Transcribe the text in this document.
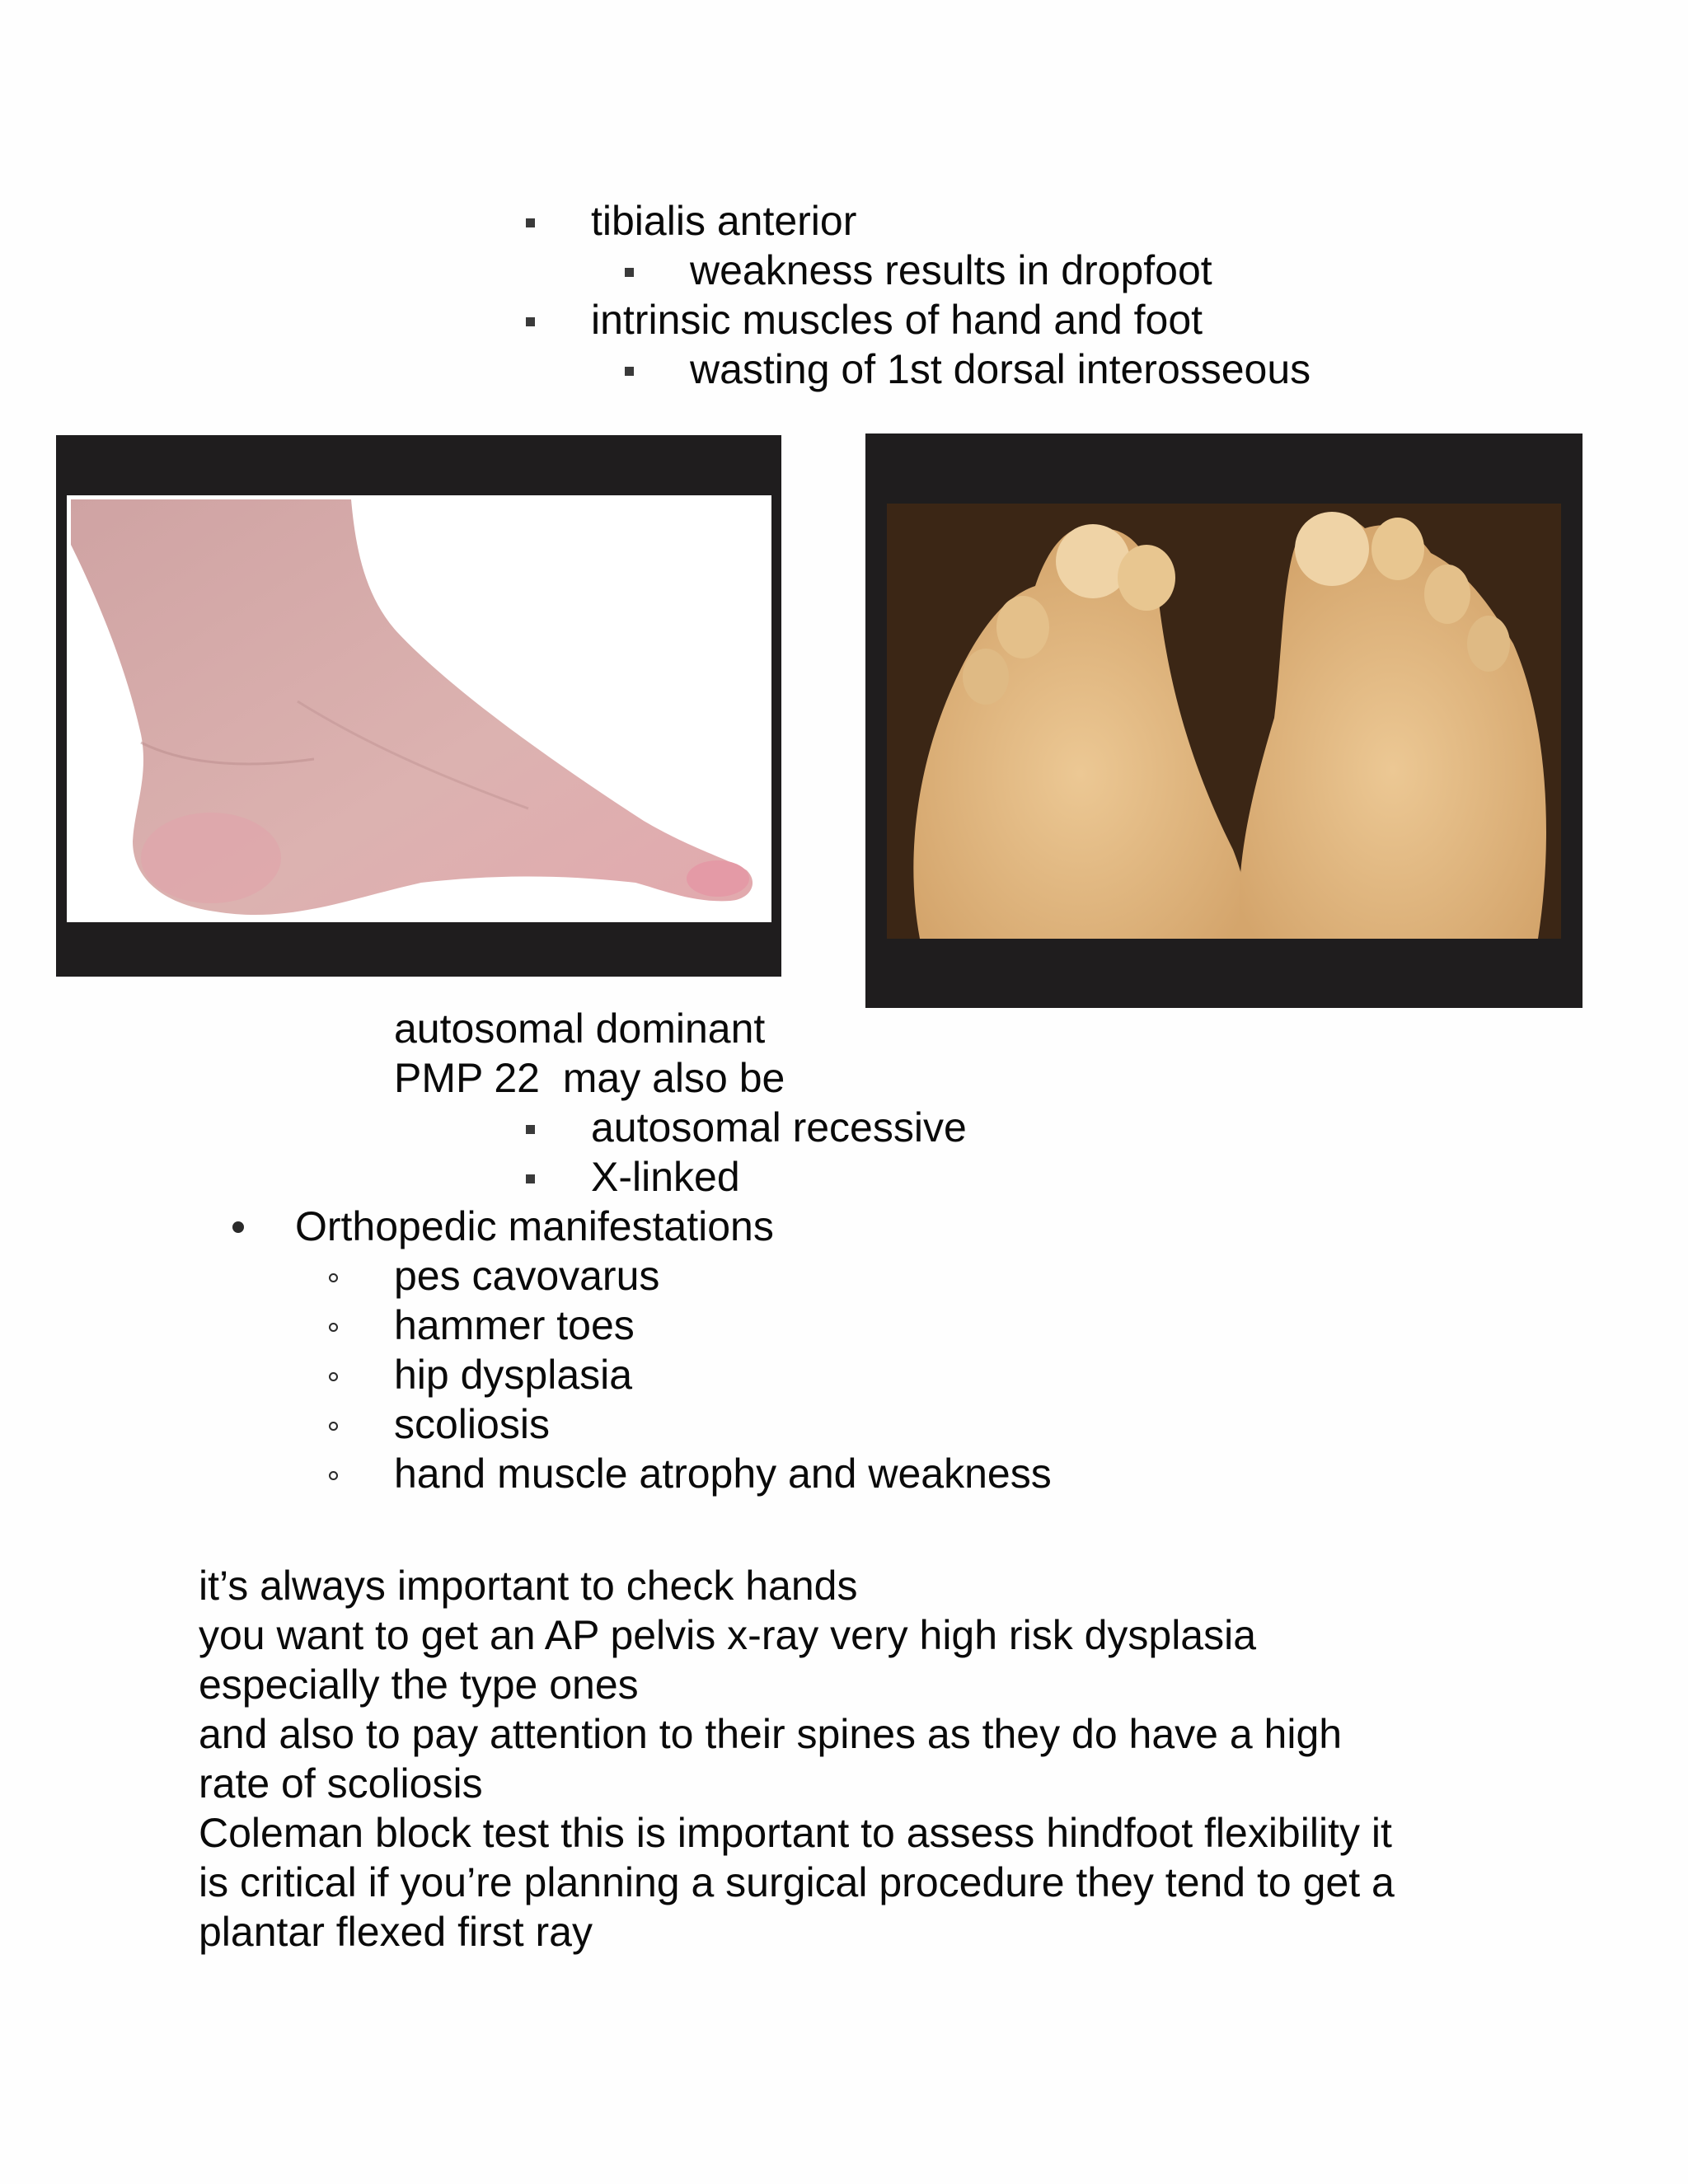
tibialis anterior
weakness results in dropfoot
intrinsic muscles of hand and foot
wasting of 1st dorsal interosseous
autosomal dominant
PMP 22  may also be
autosomal recessive
X-linked
Orthopedic manifestations
pes cavovarus
hammer toes
hip dysplasia
scoliosis
hand muscle atrophy and weakness
it’s always important to check hands
you want to get an AP pelvis x-ray very high risk dysplasia
especially the type ones
and also to pay attention to their spines as they do have a high
rate of scoliosis
Coleman block test this is important to assess hindfoot flexibility it
is critical if you’re planning a surgical procedure they tend to get a
plantar flexed first ray
